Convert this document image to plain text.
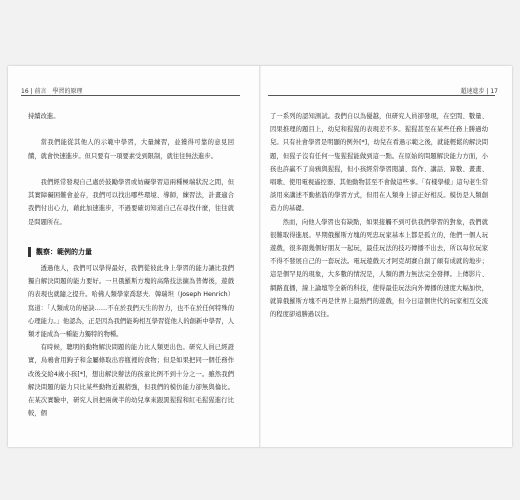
16 | 前言　學習的原理

持續改進。

當我們能從其他人的示範中學習，大量練習，並獲得可靠的意見回饋，就會快速進步。但只要有一項要素受到限制，就往往無法進步。

我們經常發現自己處於鼓勵學習或妨礙學習這兩種極端狀況之間，但其實障礙困難會並存，我們可以找出哪些環境、導師，練習法，計畫適合我們付出心力，藉此加速進步，不過要確切知道自己在尋找什麼，往往就是問題所在。

觀察：範例的力量

透過他人，我們可以學得最好，我們從彼此身上學習的能力讓比我們獨自解決問題的能力要好。一旦俄羅斯方塊的高階技法擴為普傳後，遊戲的表現也就隨之提升。哈佛人類學家喬瑟夫．韓瑞坦（Joseph Henrich）寫道：「人類成功的祕訣……不在於我們天生的智力，也不在於任何特殊的心理能力。」他認為，正是因為我們能夠相互學習從他人的創新中學習，人類才能成為一種能力獨特的物種。

有時候，聰明的動物解決問題的能力比人類更出色。研究人員已經證實，烏鴉會用鉤子和金屬條取出容瓶裡的食物；但是如果把同一個任務作改後交給4歲小孩[*]，想出解決辦法的孩童比例不到十分之一。雖然我們解決問題的能力只比某些動物近親稍強，但我們的模仿能力卻無與倫比。在某次實驗中，研究人員把兩歲半的幼兒拿來跟黑猩猩和紅毛猩猩進行比較，個

超速進步 | 17

了一系列的認知測試。我們自以為優越，但研究人員卻發現，在空間、數量、因果推理的題目上，幼兒和猩猩的表現差不多。猩猩甚至在某些任務上勝過幼兒。只有社會學習是明顯的例外[*]，幼兒在看過示範之後，就能輕鬆的解決問題，但猩子沒有任何一隻猩猩能做到這一點。在原始的問題解決能力方面，小孩也許贏不了烏鴉與猩猩，但小孩經常學習閱讀、寫作、講話、算數、畫畫、唱歌、使用電視遙控器、其他動物甚至不會做這些事。「有樣學樣」這句老生常談用來講述不動搖筋的學習方式，但用在人類身上卻正好相反。模仿是人類創造力的基礎。

然而，向他人學習也有缺點，如果接觸不到可供我們學習的對象，我們就很難取得進展。早期俄羅斯方塊的死忠玩家基本上都是孤立的，他們一個人玩遊戲，很多跟幾個好朋友一起玩，最佳玩法的技巧傳播不出去，所以每位玩家不得不發展自己的一套玩法。電玩遊戲天才阿克胡賽自創了頗有成就的地步；這是個罕見的現象，大多數的情況是，人類的潛力無法完全發揮。上傳影片、網路直播，線上論壇等全新的科技，使得最佳玩法向外傳播的速度大幅加快，就算俄羅斯方塊不再是世界上最熱門的遊戲，但今日這個世代的玩家相互交流的程度卻遠勝過以往。
